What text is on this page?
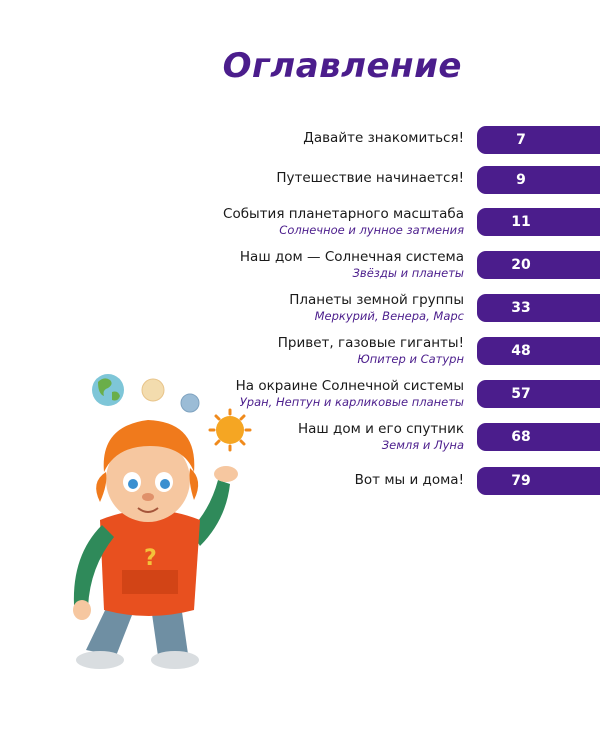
Оглавление
Давайте знакомиться!	7
Путешествие начинается!	9
События планетарного масштаба
Солнечное и лунное затмения	11
Наш дом — Солнечная система
Звёзды и планеты	20
Планеты земной группы
Меркурий, Венера, Марс	33
Привет, газовые гиганты!
Юпитер и Сатурн	48
На окраине Солнечной системы
Уран, Нептун и карликовые планеты	57
Наш дом и его спутник
Земля и Луна	68
Вот мы и дома!	79
?
